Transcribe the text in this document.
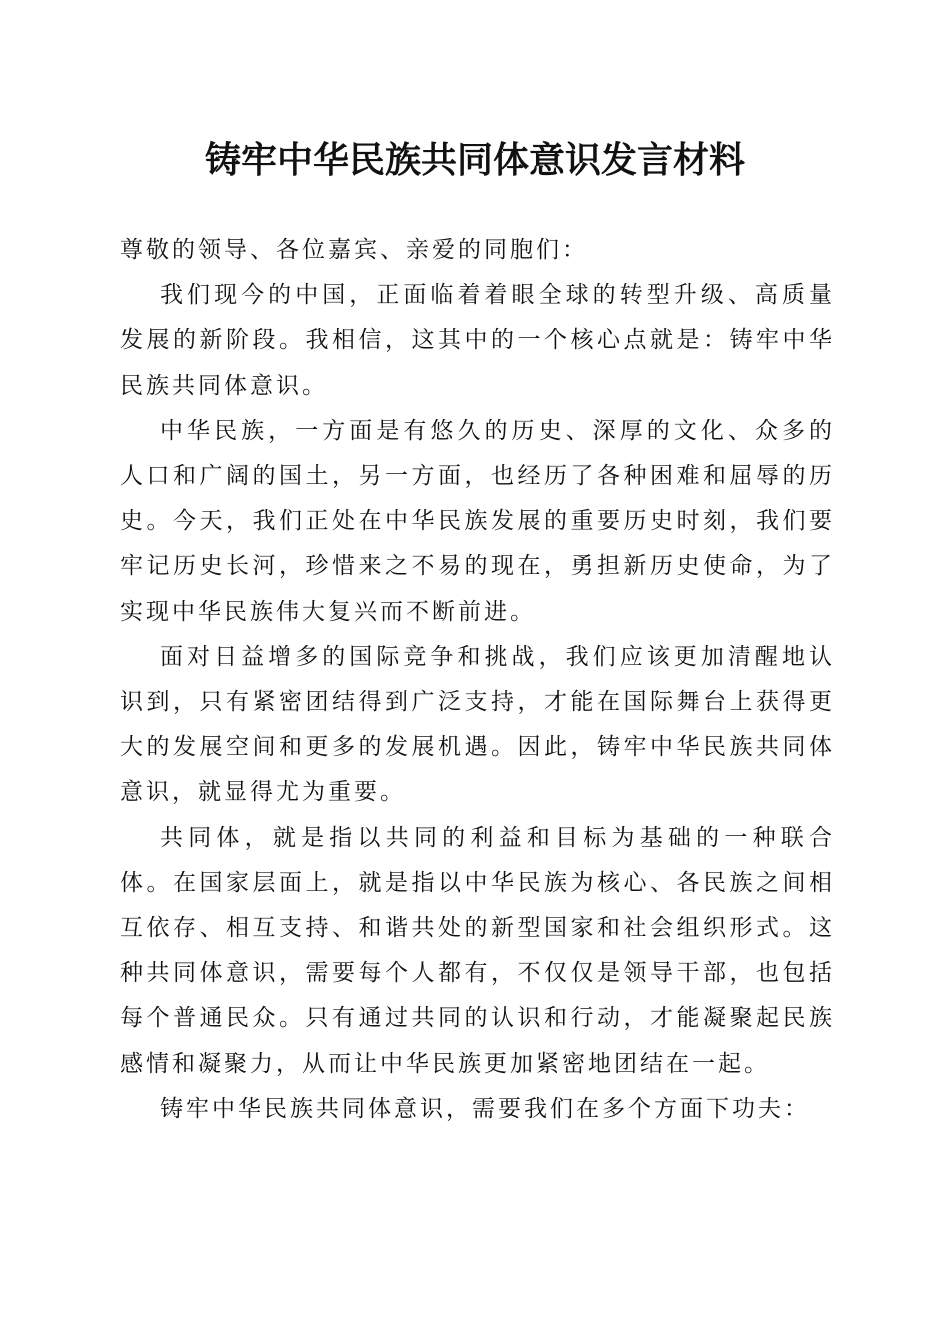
铸牢中华民族共同体意识发言材料

尊敬的领导、各位嘉宾、亲爱的同胞们：

我们现今的中国，正面临着着眼全球的转型升级、高质量发展的新阶段。我相信，这其中的一个核心点就是：铸牢中华民族共同体意识。

中华民族，一方面是有悠久的历史、深厚的文化、众多的人口和广阔的国土，另一方面，也经历了各种困难和屈辱的历史。今天，我们正处在中华民族发展的重要历史时刻，我们要牢记历史长河，珍惜来之不易的现在，勇担新历史使命，为了实现中华民族伟大复兴而不断前进。

面对日益增多的国际竞争和挑战，我们应该更加清醒地认识到，只有紧密团结得到广泛支持，才能在国际舞台上获得更大的发展空间和更多的发展机遇。因此，铸牢中华民族共同体意识，就显得尤为重要。

共同体，就是指以共同的利益和目标为基础的一种联合体。在国家层面上，就是指以中华民族为核心、各民族之间相互依存、相互支持、和谐共处的新型国家和社会组织形式。这种共同体意识，需要每个人都有，不仅仅是领导干部，也包括每个普通民众。只有通过共同的认识和行动，才能凝聚起民族感情和凝聚力，从而让中华民族更加紧密地团结在一起。

铸牢中华民族共同体意识，需要我们在多个方面下功夫：
